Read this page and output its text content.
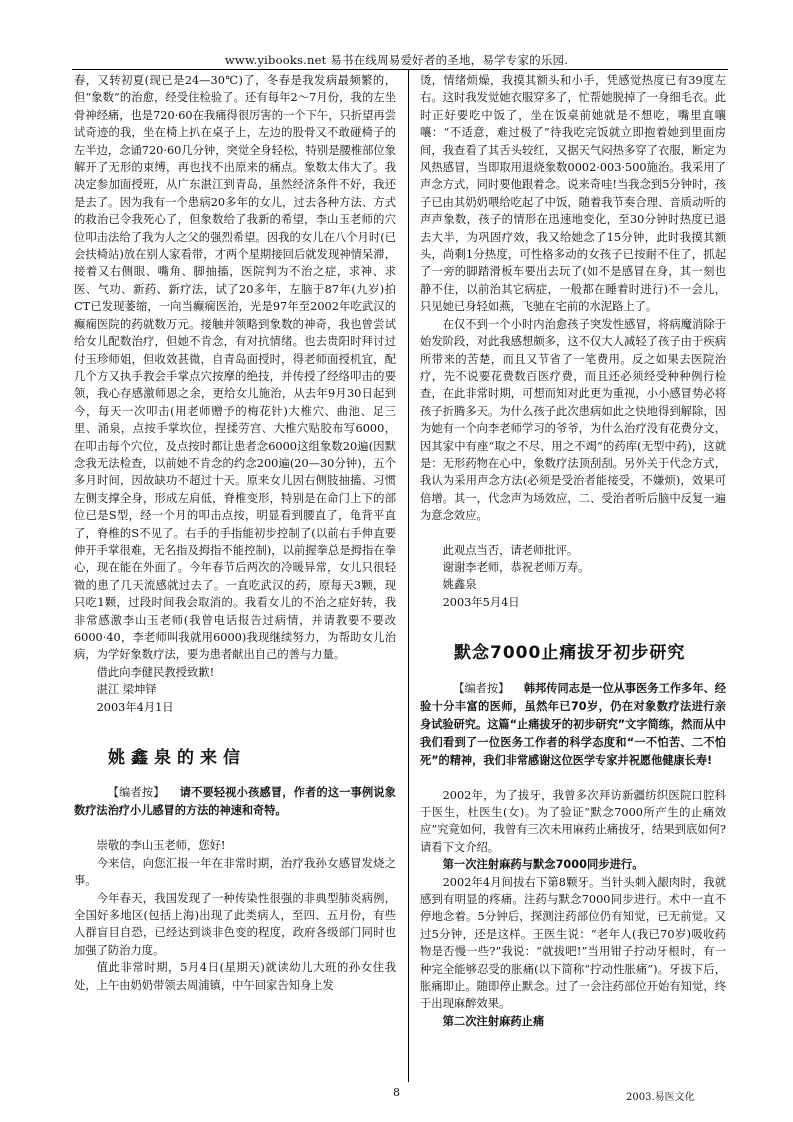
www.yibooks.net 易书在线周易爱好者的圣地，易学专家的乐园.

春，又转初夏(现已是24—30℃)了，冬春是我发病最频繁的，但“象数”的治愈，经受住检验了。还有每年2～7月份，我的左坐骨神经痛，也是720·60在我痛得很厉害的一个下午，只折望再尝试奇迹的我，坐在椅上扒在桌子上，左边的股骨又不敢碰椅子的左半边，念诵720·60几分钟，突觉全身轻松，特别是腰椎部位象解开了无形的束缚，再也找不出原来的痛点。象数太伟大了。我决定参加面授班，从广东湛江到青岛，虽然经济条件不好，我还是去了。因为我有一个患病20多年的女儿，过去各种方法、方式的救治已令我死心了，但象数给了我新的希望，李山玉老师的穴位叩击法给了我为人之父的强烈希望。因我的女儿在八个月时(已会扶椅站)放在别人家看带，才两个星期接回后就发现神情呆滞，接着又右侧眼、嘴角、脚抽搐，医院判为不治之症，求神、求医、气功、新药、新疗法，试了20多年，左脑于87年(九岁)拍CT已发现萎缩，一向当癫痫医治，光是97年至2002年吃武汉的癫痫医院的药就数万元。接触并领略到象数的神奇，我也曾尝试给女儿配数治疗，但她不肯念，有对抗情绪。也去贵阳时拜讨过付玉珍师姐，但收效甚微，自青岛面授时，得老师面授机宜，配几个方又执手教会手掌点穴按摩的绝技，并传授了经络叩击的要领，我心存感激师恩之余，更给女儿施治，从去年9月30日起到今，每天一次叩击(用老师赠予的梅花针)大椎穴、曲池、足三里、涌泉，点按手掌坎位，捏揉劳宫、大椎穴贴胶布写6000，在叩击每个穴位，及点按时都让患者念6000这组象数20遍(因默念我无法检查，以前她不肯念的约念200遍(20—30分钟)，五个多月时间，因故缺功不超过十天。原来女儿因右侧肢抽搐、习惯左侧支撑全身，形成左肩低，脊椎变形，特别是在命门上下的部位已是S型，经一个月的叩击点按，明显看到腰直了，龟背平直了，脊椎的S不见了。右手的手指能初步控制了(以前右手伸直要伸开手掌很难，无名指及拇指不能控制)，以前握拳总是拇指在拳心，现在能在外面了。今年春节后两次的冷暖异常，女儿只很轻微的患了几天流感就过去了。一直吃武汉的药，原每天3颗，现只吃1颗，过段时间我会取消的。我看女儿的不治之症好转，我非常感激李山玉老师(我曾电话报告过病情，并请教要不要改6000·40，李老师叫我就用6000)我现继续努力，为帮助女儿治病，为学好象数疗法，要为患者献出自己的善与力量。

借此向李健民教授致歉!

湛江 梁坤铎

2003年4月1日

姚鑫泉的来信

【编者按】 请不要轻视小孩感冒，作者的这一事例说象数疗法治疗小儿感冒的方法的神速和奇特。

崇敬的李山玉老师，您好!

今来信，向您汇报一年在非常时期，治疗我孙女感冒发烧之事。

今年春天，我国发现了一种传染性很强的非典型肺炎病例，全国好多地区(包括上海)出现了此类病人，至四、五月份，有些人群盲目自恐，已经达到谈非色变的程度，政府各级部门同时也加强了防治力度。

值此非常时期，5月4日(星期天)就读幼儿大班的孙女住我处，上午由奶奶带领去周浦镇，中午回家告知身上发

烫，情绪烦燥，我摸其额头和小手，凭感觉热度已有39度左右。这时我发觉她衣服穿多了，忙帮她脱掉了一身细毛衣。此时正好要吃中饭了，坐在饭桌前她就是不想吃，嘴里直嚷嚷：“不适意，难过极了”待我吃完饭就立即抱着她到里面房间，我查看了其舌头较红，又据天气闷热多穿了衣服，断定为风热感冒，当即取用退烧象数0002·003·500施治。我采用了声念方式，同时要他跟着念。说来奇哇!当我念到5分钟时，孩子已由其奶奶喂给吃起了中饭，随着我节奏合理、音质动听的声声象数，孩子的情形在迅速地变化，至30分钟时热度已退去大半，为巩固疗效，我又给她念了15分钟，此时我摸其额头，尚剩1分热度，可性格多动的女孩子已按耐不住了，抓起了一旁的脚踏滑板车要出去玩了(如不是感冒在身，其一刻也静不住，以前治其它病症，一般都在睡着时进行)不一会儿，只见她已身轻如燕，飞驰在宅前的水泥路上了。

在仅不到一个小时内治愈孩子突发性感冒，将病魔消除于始发阶段，对此我感想颇多，这不仅大人减轻了孩子由于疾病所带来的苦楚，而且又节省了一笔费用。反之如果去医院治疗，先不说要花费数百医疗费，而且还必须经受种种例行检查，在此非常时期，可想而知对此更为重视，小小感冒势必将孩子折腾多天。为什么孩子此次患病如此之快地得到解除，因为她有一个向李老师学习的爷爷，为什么治疗没有花费分文，因其家中有座“取之不尽、用之不竭”的药库(无型中药)，这就是：无形药物在心中，象数疗法顶刮刮。另外关于代念方式，我认为采用声念方法(必须是受治者能接受，不嫌烦)，效果可倍增。其一，代念声为场效应，二、受治者听后脑中反复一遍为意念效应。

此观点当否，请老师批评。

谢谢李老师，恭祝老师万寿。

姚鑫泉

2003年5月4日

默念7000止痛拔牙初步研究

【编者按】 韩邦传同志是一位从事医务工作多年、经验十分丰富的医师，虽然年已70岁，仍在对象数疗法进行亲身试验研究。这篇“止痛拔牙的初步研究”文字简练，然而从中我们看到了一位医务工作者的科学态度和“一不怕苦、二不怕死”的精神，我们非常感谢这位医学专家并祝愿他健康长寿!

2002年，为了拔牙，我曾多次拜访新疆纺织医院口腔科于医生，杜医生(女)。为了验证“默念7000所产生的止痛效应”究竟如何，我曾有三次未用麻药止痛拔牙，结果到底如何?请看下文介绍。

第一次注射麻药与默念7000同步进行。

2002年4月间拔右下第8颗牙。当针头刺入龈肉时，我就感到有明显的疼痛。注药与默念7000同步进行。术中一直不停地念着。5分钟后，探测注药部位仍有知觉，已无前觉。又过5分钟，还是这样。王医生说：“老年人(我已70岁)吸收药物是否慢一些?”我说：“就拔吧!”当用钳子拧动牙根时，有一种完全能够忍受的胀痛(以下简称“拧动性胀痛”)。牙拔下后，胀痛即止。随即停止默念。过了一会注药部位开始有知觉，终于出现麻醉效果。

第二次注射麻药止痛

8	2003.易医文化
